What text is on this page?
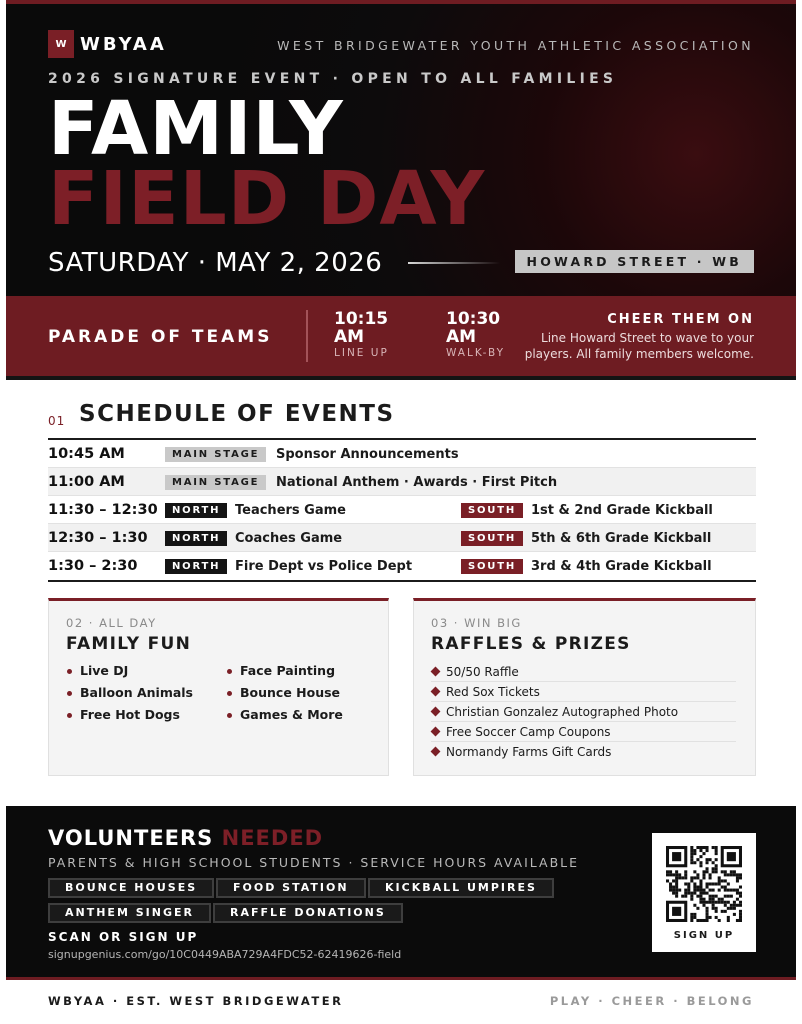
W WBYAA	WEST BRIDGEWATER YOUTH ATHLETIC ASSOCIATION
2026 SIGNATURE EVENT · OPEN TO ALL FAMILIES
FAMILY
FIELD DAY
SATURDAY · MAY 2, 2026	HOWARD STREET · WB
PARADE OF TEAMS
10:15 AM
LINE UP
10:30 AM
WALK-BY
CHEER THEM ON
Line Howard Street to wave to your
players. All family members welcome.
01 SCHEDULE OF EVENTS
10:45 AM	MAIN STAGE	Sponsor Announcements
11:00 AM	MAIN STAGE	National Anthem · Awards · First Pitch
11:30 – 12:30	NORTH	Teachers Game	SOUTH	1st & 2nd Grade Kickball
12:30 – 1:30	NORTH	Coaches Game	SOUTH	5th & 6th Grade Kickball
1:30 – 2:30	NORTH	Fire Dept vs Police Dept	SOUTH	3rd & 4th Grade Kickball
02 · ALL DAY
FAMILY FUN
Live DJ
Balloon Animals
Free Hot Dogs
Face Painting
Bounce House
Games & More
03 · WIN BIG
RAFFLES & PRIZES
50/50 Raffle
Red Sox Tickets
Christian Gonzalez Autographed Photo
Free Soccer Camp Coupons
Normandy Farms Gift Cards
VOLUNTEERS NEEDED
PARENTS & HIGH SCHOOL STUDENTS · SERVICE HOURS AVAILABLE
BOUNCE HOUSES	FOOD STATION	KICKBALL UMPIRES
ANTHEM SINGER	RAFFLE DONATIONS
SCAN OR SIGN UP
signupgenius.com/go/10C0449ABA729A4FDC52-62419626-field
SIGN UP
WBYAA · EST. WEST BRIDGEWATER	PLAY · CHEER · BELONG
